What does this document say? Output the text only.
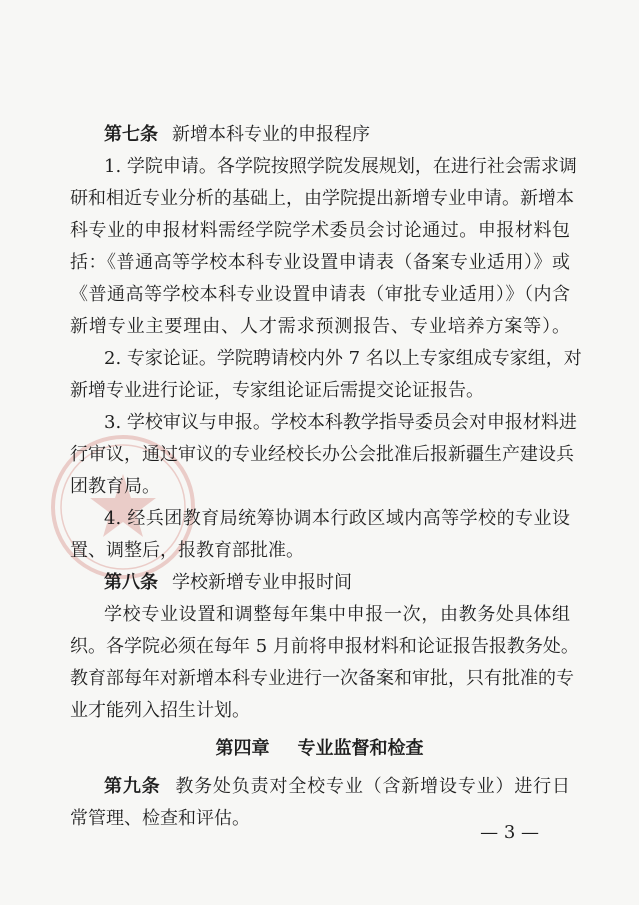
第七条 新增本科专业的申报程序
1. 学院申请。各学院按照学院发展规划，在进行社会需求调
研和相近专业分析的基础上，由学院提出新增专业申请。新增本
科专业的申报材料需经学院学术委员会讨论通过。申报材料包
括：《普通高等学校本科专业设置申请表（备案专业适用）》或
《普通高等学校本科专业设置申请表（审批专业适用）》（内含
新增专业主要理由、人才需求预测报告、专业培养方案等）。
2. 专家论证。学院聘请校内外 7 名以上专家组成专家组，对
新增专业进行论证，专家组论证后需提交论证报告。
3. 学校审议与申报。学校本科教学指导委员会对申报材料进
行审议，通过审议的专业经校长办公会批准后报新疆生产建设兵
团教育局。
4. 经兵团教育局统筹协调本行政区域内高等学校的专业设
置、调整后，报教育部批准。
第八条 学校新增专业申报时间
学校专业设置和调整每年集中申报一次，由教务处具体组
织。各学院必须在每年 5 月前将申报材料和论证报告报教务处。
教育部每年对新增本科专业进行一次备案和审批，只有批准的专
业才能列入招生计划。
第四章 专业监督和检查
第九条 教务处负责对全校专业（含新增设专业）进行日
常管理、检查和评估。
— 3 —
